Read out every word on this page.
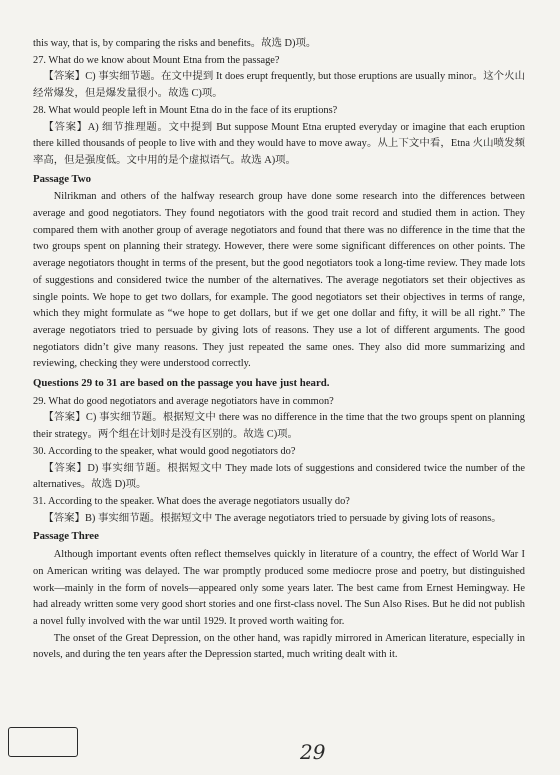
this way, that is, by comparing the risks and benefits。故选 D)项。

27. What do we know about Mount Etna from the passage?

【答案】C) 事实细节题。在文中提到 It does erupt frequently, but those eruptions are usually minor。这个火山经常爆发，但是爆发量很小。故选 C)项。

28. What would people left in Mount Etna do in the face of its eruptions?

【答案】A) 细节推理题。文中提到 But suppose Mount Etna erupted everyday or imagine that each eruption there killed thousands of people to live with and they would have to move away。从上下文中看，Etna 火山喷发频率高，但是强度低。文中用的是个虚拟语气。故选 A)项。

Passage Two

Nilrikman and others of the halfway research group have done some research into the differences between average and good negotiators. They found negotiators with the good trait record and studied them in action. They compared them with another group of average negotiators and found that there was no difference in the time that the two groups spent on planning their strategy. However, there were some significant differences on other points. The average negotiators thought in terms of the present, but the good negotiators took a long-time review. They made lots of suggestions and considered twice the number of the alternatives. The average negotiators set their objectives as single points. We hope to get two dollars, for example. The good negotiators set their objectives in terms of range, which they might formulate as “we hope to get dollars, but if we get one dollar and fifty, it will be all right.” The average negotiators tried to persuade by giving lots of reasons. They use a lot of different arguments. The good negotiators didn’t give many reasons. They just repeated the same ones. They also did more summarizing and reviewing, checking they were understood correctly.

Questions 29 to 31 are based on the passage you have just heard.

29. What do good negotiators and average negotiators have in common?

【答案】C) 事实细节题。根据短文中 there was no difference in the time that the two groups spent on planning their strategy。两个组在计划时是没有区别的。故选 C)项。

30. According to the speaker, what would good negotiators do?

【答案】D) 事实细节题。根据短文中 They made lots of suggestions and considered twice the number of the alternatives。故选 D)项。

31. According to the speaker. What does the average negotiators usually do?

【答案】B) 事实细节题。根据短文中 The average negotiators tried to persuade by giving lots of reasons。

Passage Three

Although important events often reflect themselves quickly in literature of a country, the effect of World War I on American writing was delayed. The war promptly produced some mediocre prose and poetry, but distinguished work—mainly in the form of novels—appeared only some years later. The best came from Ernest Hemingway. He had already written some very good short stories and one first-class novel. The Sun Also Rises. But he did not publish a novel fully involved with the war until 1929. It proved worth waiting for.

The onset of the Great Depression, on the other hand, was rapidly mirrored in American literature, especially in novels, and during the ten years after the Depression started, much writing dealt with it.

29
